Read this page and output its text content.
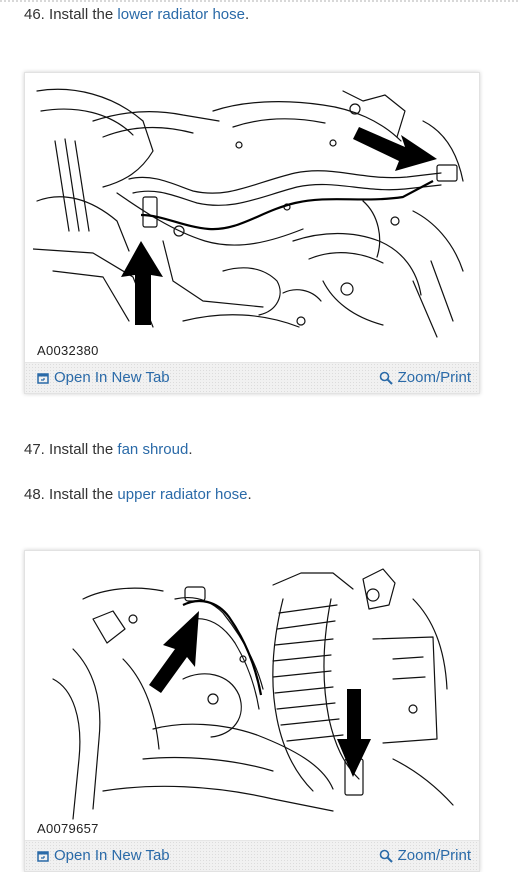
46. Install the lower radiator hose.
A0032380
Open In New Tab	Zoom/Print
47. Install the fan shroud.
48. Install the upper radiator hose.
A0079657
Open In New Tab	Zoom/Print
